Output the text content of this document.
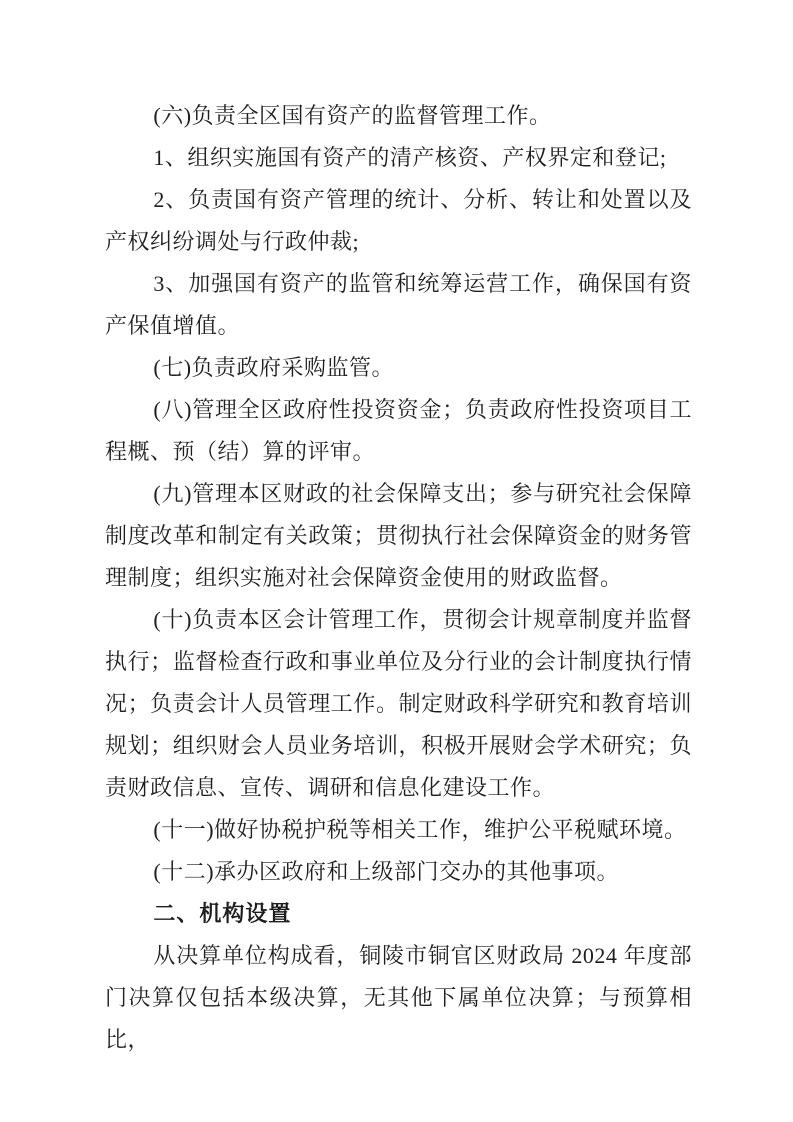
(六)负责全区国有资产的监督管理工作。

1、组织实施国有资产的清产核资、产权界定和登记;

2、负责国有资产管理的统计、分析、转让和处置以及产权纠纷调处与行政仲裁;

3、加强国有资产的监管和统筹运营工作，确保国有资产保值增值。

(七)负责政府采购监管。

(八)管理全区政府性投资资金；负责政府性投资项目工程概、预（结）算的评审。

(九)管理本区财政的社会保障支出；参与研究社会保障制度改革和制定有关政策；贯彻执行社会保障资金的财务管理制度；组织实施对社会保障资金使用的财政监督。

(十)负责本区会计管理工作，贯彻会计规章制度并监督执行；监督检查行政和事业单位及分行业的会计制度执行情况；负责会计人员管理工作。制定财政科学研究和教育培训规划；组织财会人员业务培训，积极开展财会学术研究；负责财政信息、宣传、调研和信息化建设工作。

(十一)做好协税护税等相关工作，维护公平税赋环境。

(十二)承办区政府和上级部门交办的其他事项。

二、机构设置

从决算单位构成看，铜陵市铜官区财政局 2024 年度部门决算仅包括本级决算，无其他下属单位决算；与预算相比，
